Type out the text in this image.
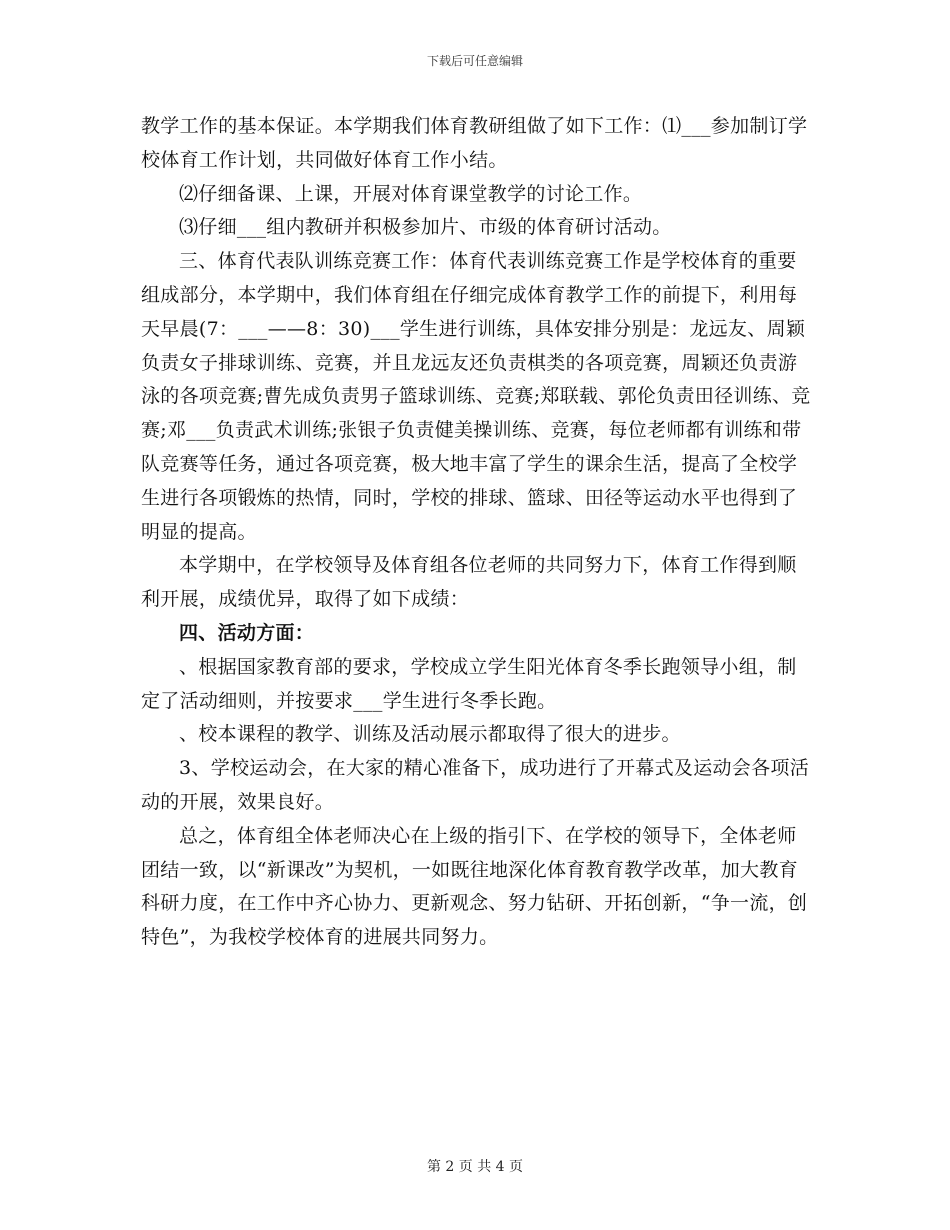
下载后可任意编辑

教学工作的基本保证。本学期我们体育教研组做了如下工作：⑴___参加制订学校体育工作计划，共同做好体育工作小结。

⑵仔细备课、上课，开展对体育课堂教学的讨论工作。

⑶仔细___组内教研并积极参加片、市级的体育研讨活动。

三、体育代表队训练竞赛工作：体育代表训练竞赛工作是学校体育的重要组成部分，本学期中，我们体育组在仔细完成体育教学工作的前提下，利用每天早晨(7：___——8：30)___学生进行训练，具体安排分别是：龙远友、周颖负责女子排球训练、竞赛，并且龙远友还负责棋类的各项竞赛，周颖还负责游泳的各项竞赛;曹先成负责男子篮球训练、竞赛;郑联载、郭伦负责田径训练、竞赛;邓___负责武术训练;张银子负责健美操训练、竞赛，每位老师都有训练和带队竞赛等任务，通过各项竞赛，极大地丰富了学生的课余生活，提高了全校学生进行各项锻炼的热情，同时，学校的排球、篮球、田径等运动水平也得到了明显的提高。

本学期中，在学校领导及体育组各位老师的共同努力下，体育工作得到顺利开展，成绩优异，取得了如下成绩：

四、活动方面：

、根据国家教育部的要求，学校成立学生阳光体育冬季长跑领导小组，制定了活动细则，并按要求___学生进行冬季长跑。

、校本课程的教学、训练及活动展示都取得了很大的进步。

3、学校运动会，在大家的精心准备下，成功进行了开幕式及运动会各项活动的开展，效果良好。

总之，体育组全体老师决心在上级的指引下、在学校的领导下，全体老师团结一致，以“新课改”为契机，一如既往地深化体育教育教学改革，加大教育科研力度，在工作中齐心协力、更新观念、努力钻研、开拓创新，“争一流，创特色”，为我校学校体育的进展共同努力。

第 2 页 共 4 页
